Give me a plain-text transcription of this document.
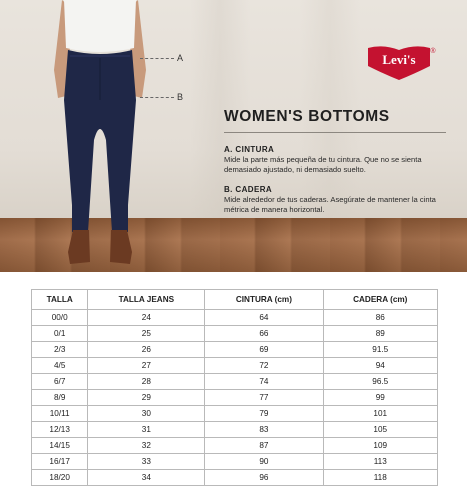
A
B
Levi's
®
WOMEN'S BOTTOMS
A. CINTURA
Mide la parte más pequeña de tu cintura. Que no se sienta demasiado ajustado, ni demasiado suelto.
B. CADERA
Mide alrededor de tus caderas. Asegúrate de mantener la cinta métrica de manera horizontal.
TALLA	TALLA JEANS	CINTURA (cm)	CADERA (cm)
00/0	24	64	86
0/1	25	66	89
2/3	26	69	91.5
4/5	27	72	94
6/7	28	74	96.5
8/9	29	77	99
10/11	30	79	101
12/13	31	83	105
14/15	32	87	109
16/17	33	90	113
18/20	34	96	118
